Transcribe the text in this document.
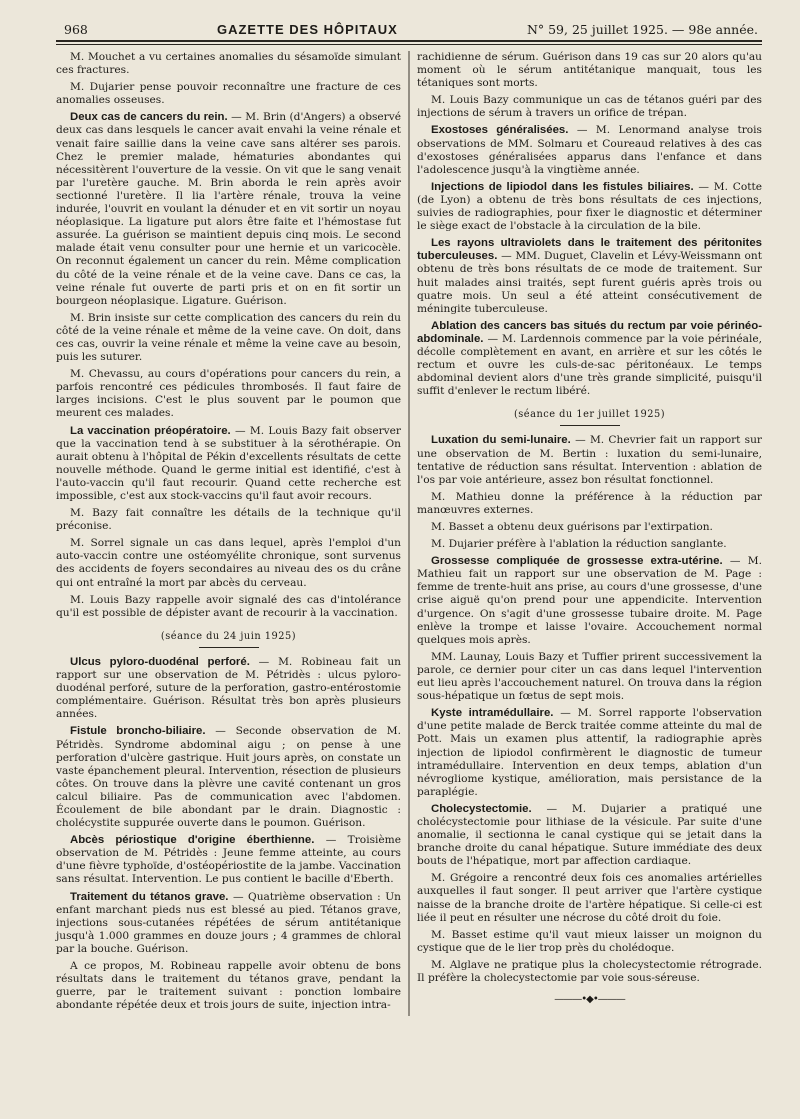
968	GAZETTE DES HÔPITAUX	N° 59, 25 juillet 1925. — 98e année.

M. Mouchet a vu certaines anomalies du sésamoïde simulant ces fractures.

M. Dujarier pense pouvoir reconnaître une fracture de ces anomalies osseuses.

Deux cas de cancers du rein. — M. Brin (d'Angers) a observé deux cas dans lesquels le cancer avait envahi la veine rénale et venait faire saillie dans la veine cave sans altérer ses parois. Chez le premier malade, hématuries abondantes qui nécessitèrent l'ouverture de la vessie. On vit que le sang venait par l'uretère gauche. M. Brin aborda le rein après avoir sectionné l'uretère. Il lia l'artère rénale, trouva la veine indurée, l'ouvrit en voulant la dénuder et en vit sortir un noyau néoplasique. La ligature put alors être faite et l'hémostase fut assurée. La guérison se maintient depuis cinq mois. Le second malade était venu consulter pour une hernie et un varicocèle. On reconnut également un cancer du rein. Même complication du côté de la veine rénale et de la veine cave. Dans ce cas, la veine rénale fut ouverte de parti pris et on en fit sortir un bourgeon néoplasique. Ligature. Guérison.

M. Brin insiste sur cette complication des cancers du rein du côté de la veine rénale et même de la veine cave. On doit, dans ces cas, ouvrir la veine rénale et même la veine cave au besoin, puis les suturer.

M. Chevassu, au cours d'opérations pour cancers du rein, a parfois rencontré ces pédicules thrombosés. Il faut faire de larges incisions. C'est le plus souvent par le poumon que meurent ces malades.

La vaccination préopératoire. — M. Louis Bazy fait observer que la vaccination tend à se substituer à la sérothérapie. On aurait obtenu à l'hôpital de Pékin d'excellents résultats de cette nouvelle méthode. Quand le germe initial est identifié, c'est à l'auto-vaccin qu'il faut recourir. Quand cette recherche est impossible, c'est aux stock-vaccins qu'il faut avoir recours.

M. Bazy fait connaître les détails de la technique qu'il préconise.

M. Sorrel signale un cas dans lequel, après l'emploi d'un auto-vaccin contre une ostéomyélite chronique, sont survenus des accidents de foyers secondaires au niveau des os du crâne qui ont entraîné la mort par abcès du cerveau.

M. Louis Bazy rappelle avoir signalé des cas d'intolérance qu'il est possible de dépister avant de recourir à la vaccination.

(séance du 24 juin 1925)

Ulcus pyloro-duodénal perforé. — M. Robineau fait un rapport sur une observation de M. Pétridès : ulcus pyloro-duodénal perforé, suture de la perforation, gastro-entérostomie complémentaire. Guérison. Résultat très bon après plusieurs années.

Fistule broncho-biliaire. — Seconde observation de M. Pétridès. Syndrome abdominal aigu ; on pense à une perforation d'ulcère gastrique. Huit jours après, on constate un vaste épanchement pleural. Intervention, résection de plusieurs côtes. On trouve dans la plèvre une cavité contenant un gros calcul biliaire. Pas de communication avec l'abdomen. Écoulement de bile abondant par le drain. Diagnostic : cholécystite suppurée ouverte dans le poumon. Guérison.

Abcès périostique d'origine éberthienne. — Troisième observation de M. Pétridès : Jeune femme atteinte, au cours d'une fièvre typhoïde, d'ostéopériostite de la jambe. Vaccination sans résultat. Intervention. Le pus contient le bacille d'Eberth.

Traitement du tétanos grave. — Quatrième observation : Un enfant marchant pieds nus est blessé au pied. Tétanos grave, injections sous-cutanées répétées de sérum antitétanique jusqu'à 1.000 grammes en douze jours ; 4 grammes de chloral par la bouche. Guérison.

A ce propos, M. Robineau rappelle avoir obtenu de bons résultats dans le traitement du tétanos grave, pendant la guerre, par le traitement suivant : ponction lombaire abondante répétée deux et trois jours de suite, injection intra-

rachidienne de sérum. Guérison dans 19 cas sur 20 alors qu'au moment où le sérum antitétanique manquait, tous les tétaniques sont morts.

M. Louis Bazy communique un cas de tétanos guéri par des injections de sérum à travers un orifice de trépan.

Exostoses généralisées. — M. Lenormand analyse trois observations de MM. Solmaru et Coureaud relatives à des cas d'exostoses généralisées apparus dans l'enfance et dans l'adolescence jusqu'à la vingtième année.

Injections de lipiodol dans les fistules biliaires. — M. Cotte (de Lyon) a obtenu de très bons résultats de ces injections, suivies de radiographies, pour fixer le diagnostic et déterminer le siège exact de l'obstacle à la circulation de la bile.

Les rayons ultraviolets dans le traitement des péritonites tuberculeuses. — MM. Duguet, Clavelin et Lévy-Weissmann ont obtenu de très bons résultats de ce mode de traitement. Sur huit malades ainsi traités, sept furent guéris après trois ou quatre mois. Un seul a été atteint consécutivement de méningite tuberculeuse.

Ablation des cancers bas situés du rectum par voie périnéo-abdominale. — M. Lardennois commence par la voie périnéale, décolle complètement en avant, en arrière et sur les côtés le rectum et ouvre les culs-de-sac péritonéaux. Le temps abdominal devient alors d'une très grande simplicité, puisqu'il suffit d'enlever le rectum libéré.

(séance du 1er juillet 1925)

Luxation du semi-lunaire. — M. Chevrier fait un rapport sur une observation de M. Bertin : luxation du semi-lunaire, tentative de réduction sans résultat. Intervention : ablation de l'os par voie antérieure, assez bon résultat fonctionnel.

M. Mathieu donne la préférence à la réduction par manœuvres externes.

M. Basset a obtenu deux guérisons par l'extirpation.

M. Dujarier préfère à l'ablation la réduction sanglante.

Grossesse compliquée de grossesse extra-utérine. — M. Mathieu fait un rapport sur une observation de M. Page : femme de trente-huit ans prise, au cours d'une grossesse, d'une crise aiguë qu'on prend pour une appendicite. Intervention d'urgence. On s'agit d'une grossesse tubaire droite. M. Page enlève la trompe et laisse l'ovaire. Accouchement normal quelques mois après.

MM. Launay, Louis Bazy et Tuffier prirent successivement la parole, ce dernier pour citer un cas dans lequel l'intervention eut lieu après l'accouchement naturel. On trouva dans la région sous-hépatique un fœtus de sept mois.

Kyste intramédullaire. — M. Sorrel rapporte l'observation d'une petite malade de Berck traitée comme atteinte du mal de Pott. Mais un examen plus attentif, la radiographie après injection de lipiodol confirmèrent le diagnostic de tumeur intramédullaire. Intervention en deux temps, ablation d'un névrogliome kystique, amélioration, mais persistance de la paraplégie.

Cholecystectomie. — M. Dujarier a pratiqué une cholécystectomie pour lithiase de la vésicule. Par suite d'une anomalie, il sectionna le canal cystique qui se jetait dans la branche droite du canal hépatique. Suture immédiate des deux bouts de l'hépatique, mort par affection cardiaque.

M. Grégoire a rencontré deux fois ces anomalies artérielles auxquelles il faut songer. Il peut arriver que l'artère cystique naisse de la branche droite de l'artère hépatique. Si celle-ci est liée il peut en résulter une nécrose du côté droit du foie.

M. Basset estime qu'il vaut mieux laisser un moignon du cystique que de le lier trop près du cholédoque.

M. Alglave ne pratique plus la cholecystectomie rétrograde. Il préfère la cholecystectomie par voie sous-séreuse.

———•◆•———
